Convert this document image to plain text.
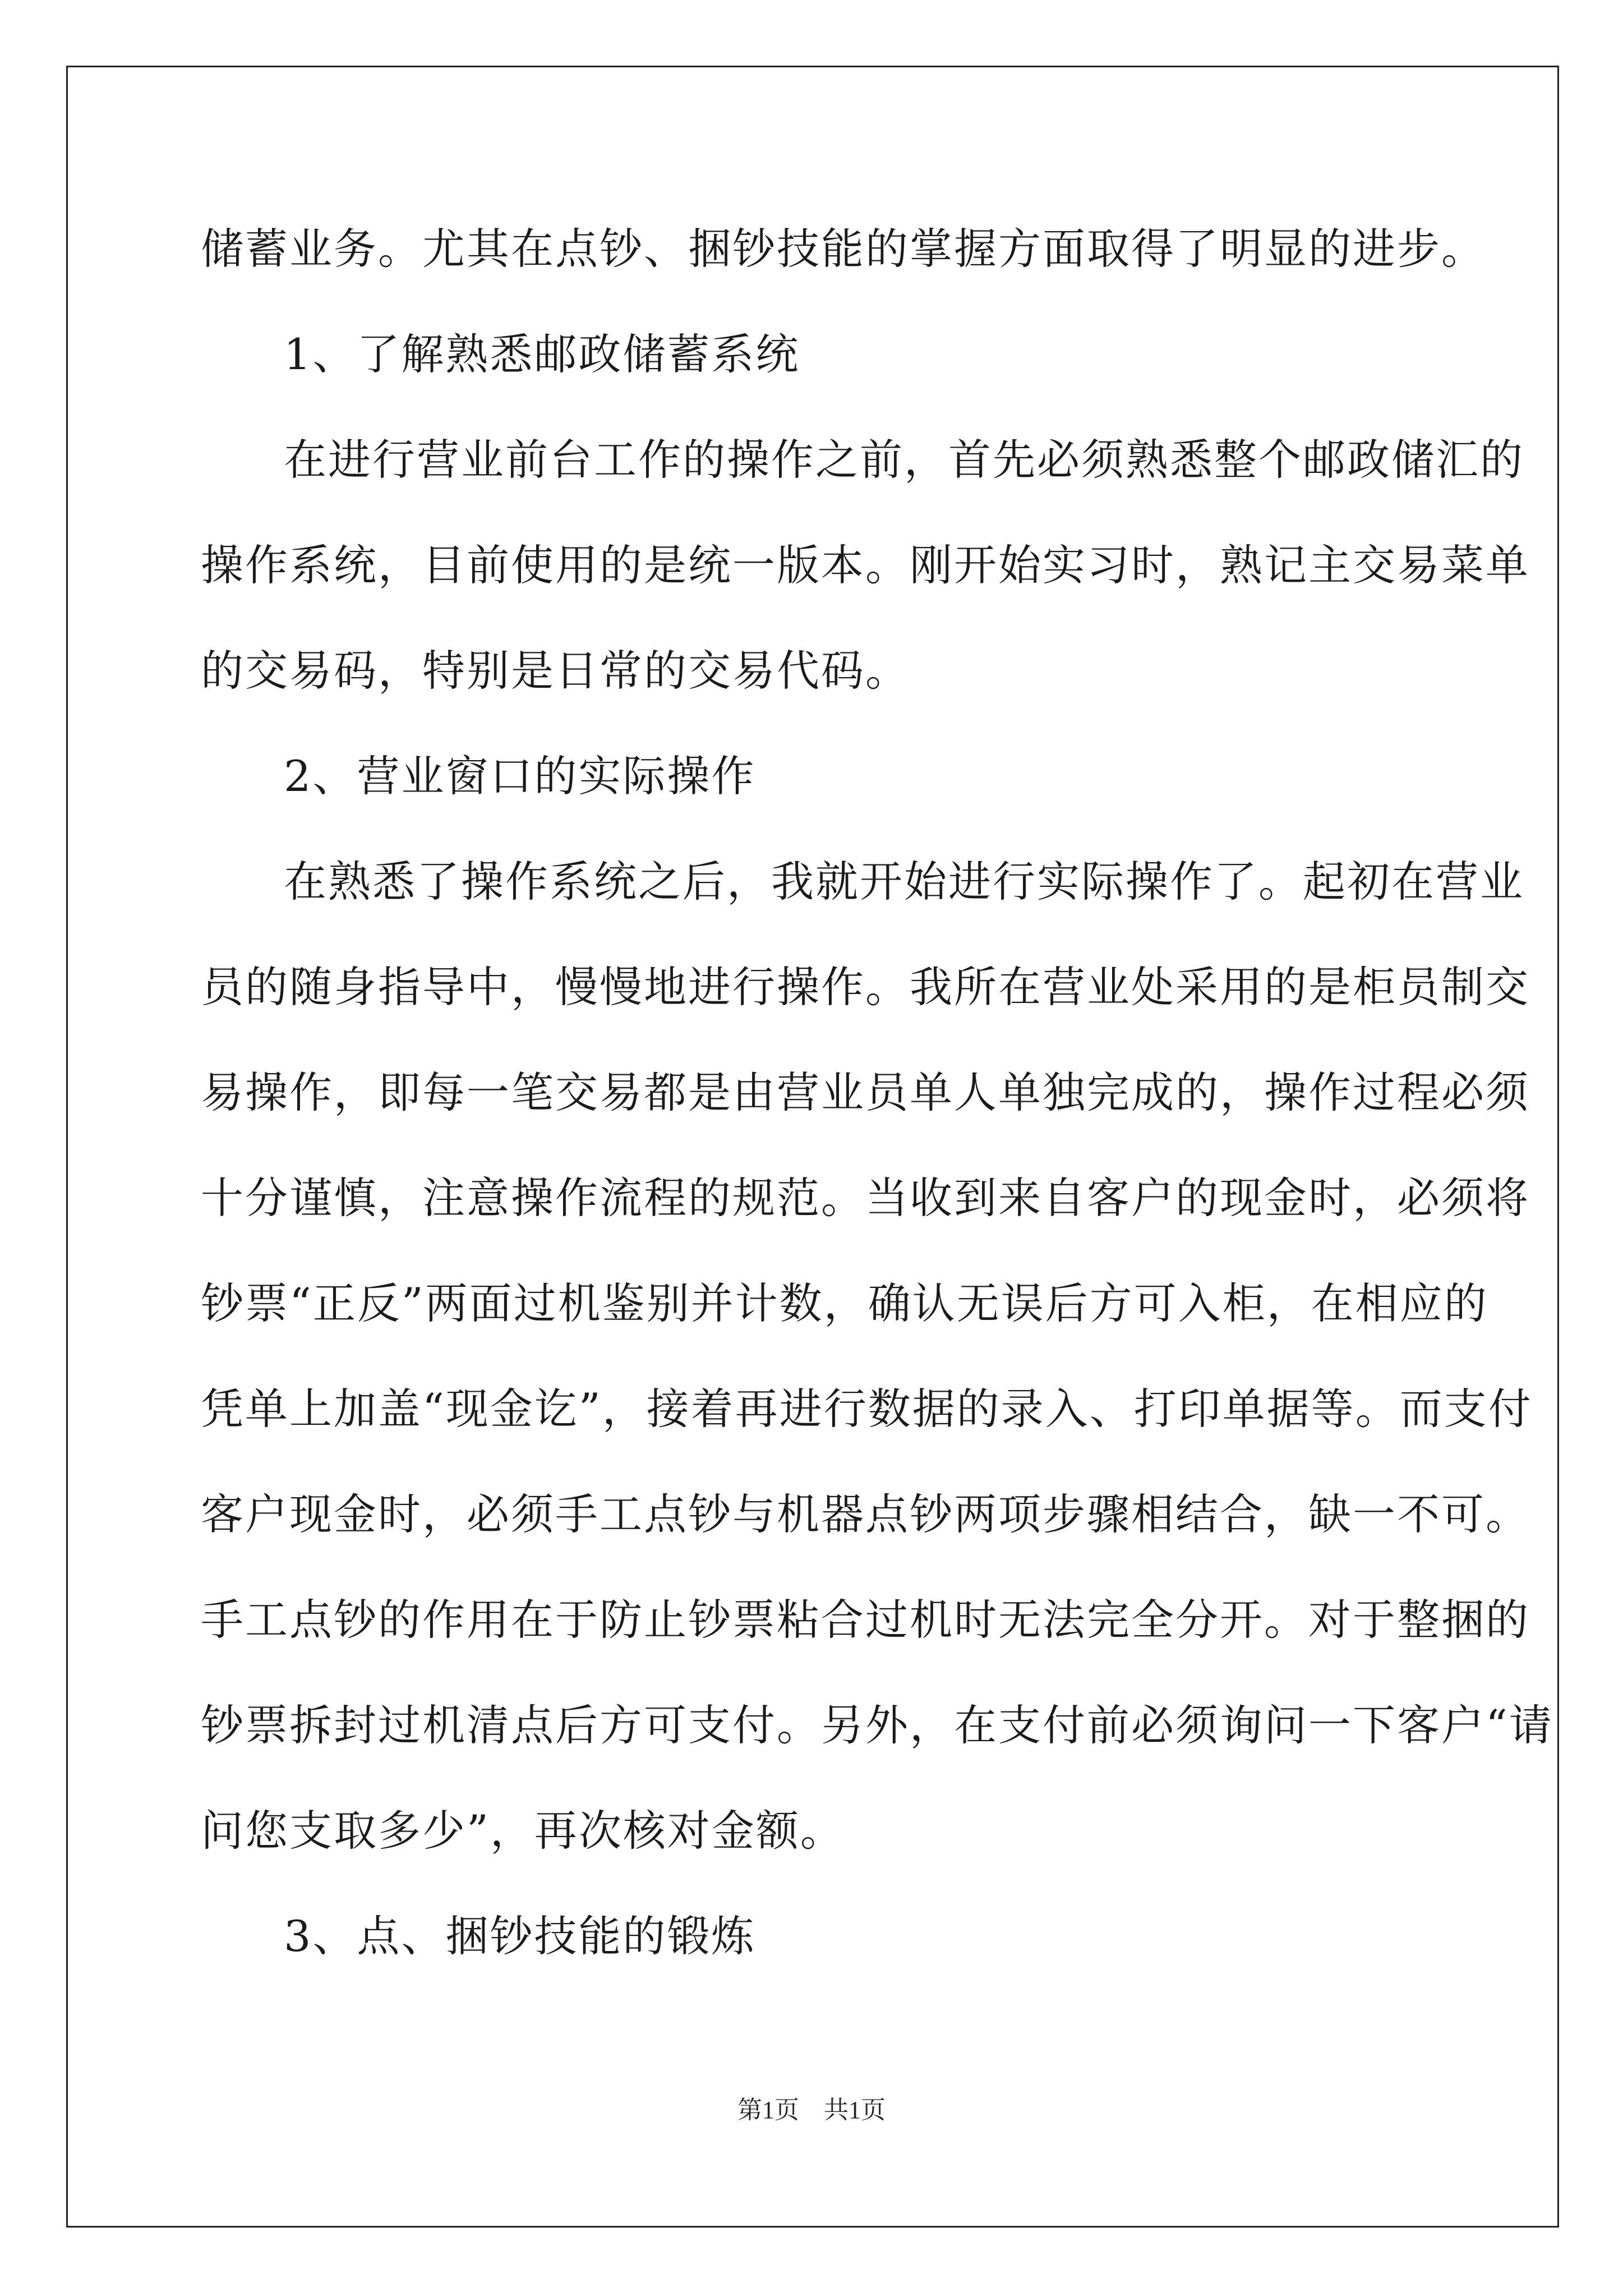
储蓄业务。尤其在点钞、捆钞技能的掌握方面取得了明显的进步。
1、了解熟悉邮政储蓄系统
在进行营业前台工作的操作之前，首先必须熟悉整个邮政储汇的
操作系统，目前使用的是统一版本。刚开始实习时，熟记主交易菜单
的交易码，特别是日常的交易代码。
2、营业窗口的实际操作
在熟悉了操作系统之后，我就开始进行实际操作了。起初在营业
员的随身指导中，慢慢地进行操作。我所在营业处采用的是柜员制交
易操作，即每一笔交易都是由营业员单人单独完成的，操作过程必须
十分谨慎，注意操作流程的规范。当收到来自客户的现金时，必须将
钞票“正反”两面过机鉴别并计数，确认无误后方可入柜，在相应的
凭单上加盖“现金讫”，接着再进行数据的录入、打印单据等。而支付
客户现金时，必须手工点钞与机器点钞两项步骤相结合，缺一不可。
手工点钞的作用在于防止钞票粘合过机时无法完全分开。对于整捆的
钞票拆封过机清点后方可支付。另外，在支付前必须询问一下客户“请
问您支取多少”，再次核对金额。
3、点、捆钞技能的锻炼
第1页　共1页
